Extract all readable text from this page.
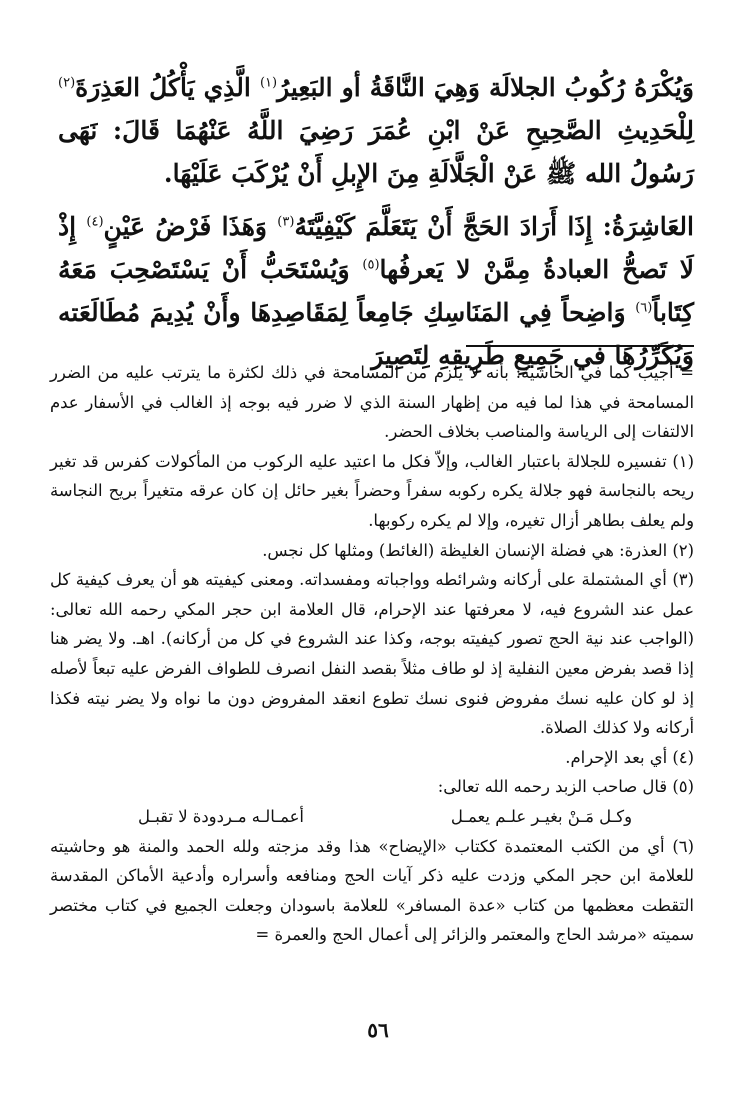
وَيُكْرَهُ رُكُوبُ الجلالَة وَهِيَ النَّاقَةُ أو البَعِيرُ$^{(١)}$ الَّذِي يَأْكُلُ العَذِرَةَ$^{(٢)}$ لِلْحَدِيثِ الصَّحِيحِ عَنْ ابْنِ عُمَرَ رَضِيَ اللَّهُ عَنْهُمَا قَالَ: نَهَى رَسُولُ الله ﷺ عَنْ الْجَلَّالَةِ مِنَ الإِبلِ أَنْ يُرْكَبَ عَلَيْهَا.

العَاشِرَةُ: إِذَا أَرَادَ الحَجَّ أَنْ يَتَعَلَّمَ كَيْفِيَّتَهُ$^{(٣)}$ وَهَذَا فَرْضُ عَيْنٍ$^{(٤)}$ إِذْ لَا تَصحُّ العبادةُ مِمَّنْ لا يَعرفُها$^{(٥)}$ وَيُسْتَحَبُّ أَنْ يَسْتَصْحِبَ مَعَهُ كِتَاباً$^{(٦)}$ وَاضِحاً فِي المَنَاسِكِ جَامِعاً لِمَقَاصِدِهَا وأَنْ يُدِيمَ مُطَالَعَته وَيُكَرِّرُهَا في جَمِيعِ طَرِيقِهِ لِتَصِيرَ

= أجيب كما في الحاشية: بأنه لا يلزم من المسامحة في ذلك لكثرة ما يترتب عليه من الضرر المسامحة في هذا لما فيه من إظهار السنة الذي لا ضرر فيه بوجه إذ الغالب في الأسفار عدم الالتفات إلى الرياسة والمناصب بخلاف الحضر.

(١) تفسيره للجلالة باعتبار الغالب، وإلاّ فكل ما اعتيد عليه الركوب من المأكولات كفرس قد تغير ريحه بالنجاسة فهو جلالة يكره ركوبه سفراً وحضراً بغير حائل إن كان عرقه متغيراً بريح النجاسة ولم يعلف بطاهر أزال تغيره، وإلا لم يكره ركوبها.

(٢) العذرة: هي فضلة الإنسان الغليظة (الغائط) ومثلها كل نجس.

(٣) أي المشتملة على أركانه وشرائطه وواجباته ومفسداته. ومعنى كيفيته هو أن يعرف كيفية كل عمل عند الشروع فيه، لا معرفتها عند الإحرام، قال العلامة ابن حجر المكي رحمه الله تعالى: (الواجب عند نية الحج تصور كيفيته بوجه، وكذا عند الشروع في كل من أركانه). اهـ. ولا يضر هنا إذا قصد بفرض معين النفلية إذ لو طاف مثلاً بقصد النفل انصرف للطواف الفرض عليه تبعاً لأصله إذ لو كان عليه نسك مفروض فنوى نسك تطوع انعقد المفروض دون ما نواه ولا يضر نيته فكذا أركانه ولا كذلك الصلاة.

(٤) أي بعد الإحرام.

(٥) قال صاحب الزبد رحمه الله تعالى:

وكـل مَـنْ بغيـر علـم يعمـل
أعمـالـه مـردودة لا تقبـل

(٦) أي من الكتب المعتمدة ككتاب «الإيضاح» هذا وقد مزجته ولله الحمد والمنة هو وحاشيته للعلامة ابن حجر المكي وزدت عليه ذكر آيات الحج ومنافعه وأسراره وأدعية الأماكن المقدسة التقطت معظمها من كتاب «عدة المسافر» للعلامة باسودان وجعلت الجميع في كتاب مختصر سميته «مرشد الحاج والمعتمر والزائر إلى أعمال الحج والعمرة =

٥٦
